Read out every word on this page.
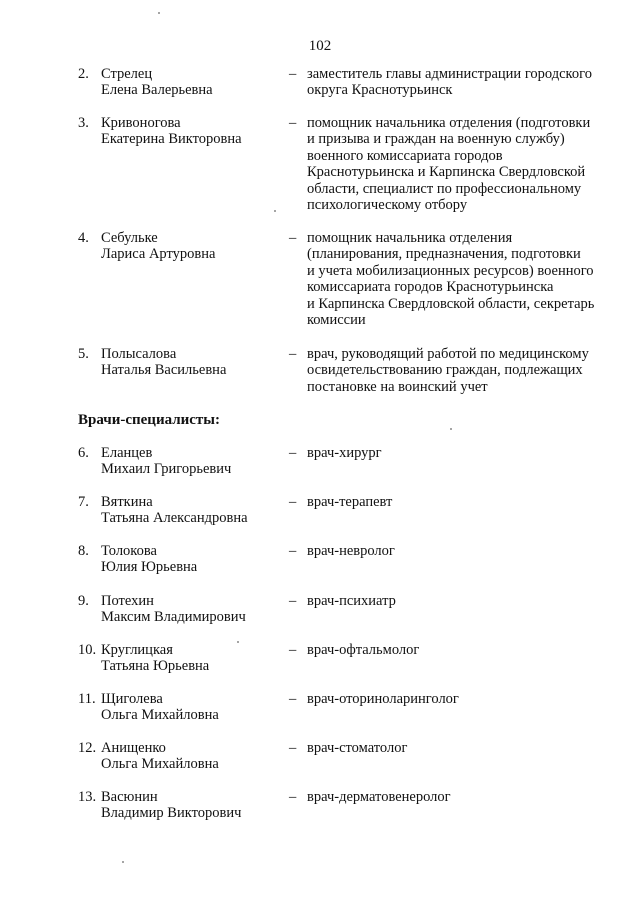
102
2. Стрелец
Елена Валерьевна
– заместитель главы администрации городского
округа Краснотурьинск
3. Кривоногова
Екатерина Викторовна
– помощник начальника отделения (подготовки
и призыва и граждан на военную службу)
военного комиссариата городов
Краснотурьинска и Карпинска Свердловской
области, специалист по профессиональному
психологическому отбору
4. Себульке
Лариса Артуровна
– помощник начальника отделения
(планирования, предназначения, подготовки
и учета мобилизационных ресурсов) военного
комиссариата городов Краснотурьинска
и Карпинска Свердловской области, секретарь
комиссии
5. Полысалова
Наталья Васильевна
– врач, руководящий работой по медицинскому
освидетельствованию граждан, подлежащих
постановке на воинский учет
Врачи-специалисты:
6. Еланцев
Михаил Григорьевич
– врач-хирург
7. Вяткина
Татьяна Александровна
– врач-терапевт
8. Толокова
Юлия Юрьевна
– врач-невролог
9. Потехин
Максим Владимирович
– врач-психиатр
10. Круглицкая
Татьяна Юрьевна
– врач-офтальмолог
11. Щиголева
Ольга Михайловна
– врач-оториноларинголог
12. Анищенко
Ольга Михайловна
– врач-стоматолог
13. Васюнин
Владимир Викторович
– врач-дерматовенеролог
